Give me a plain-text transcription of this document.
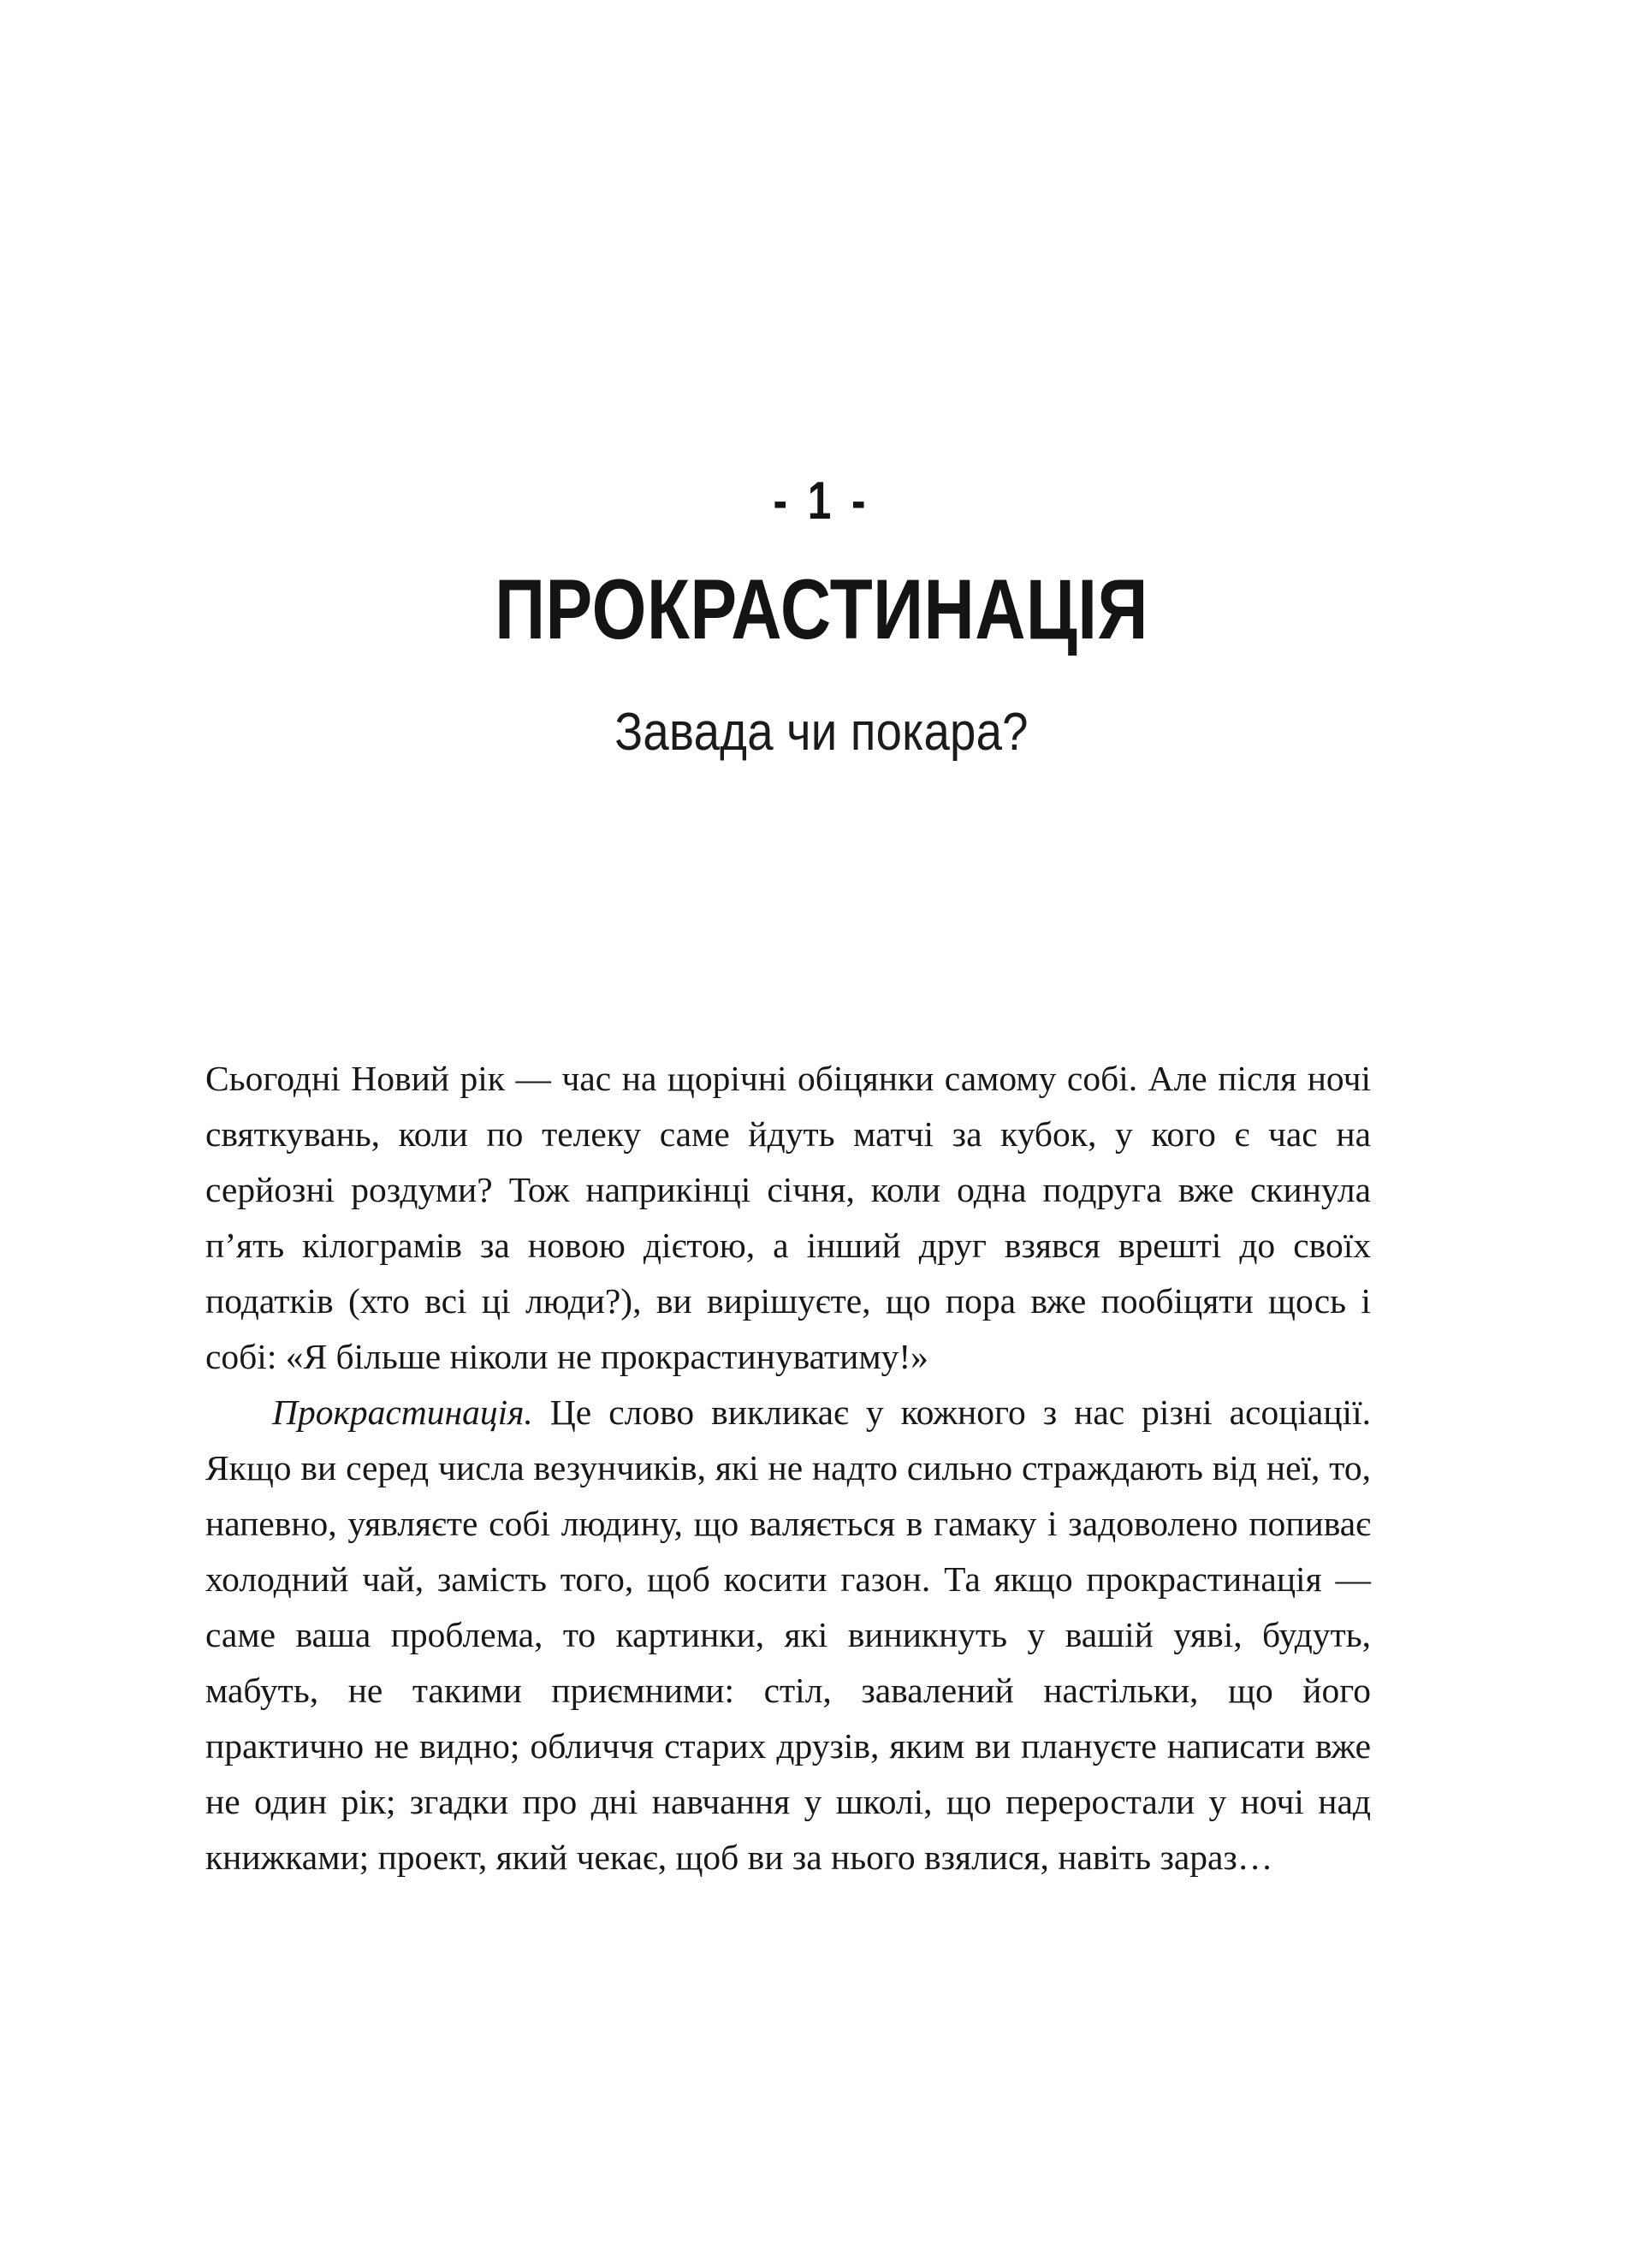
- 1 -
ПРОКРАСТИНАЦІЯ
Завада чи покара?

Сьогодні Новий рік — час на щорічні обіцянки самому собі. Але після ночі святкувань, коли по телеку саме йдуть матчі за кубок, у кого є час на серйозні роздуми? Тож наприкінці січня, коли одна подруга вже скинула п’ять кілограмів за новою дієтою, а інший друг взявся врешті до своїх податків (хто всі ці люди?), ви вирішуєте, що пора вже пообіцяти щось і собі: «Я більше ніколи не прокрастинуватиму!»

Прокрастинація. Це слово викликає у кожного з нас різні асоціації. Якщо ви серед числа везунчиків, які не надто сильно страждають від неї, то, напевно, уявляєте собі людину, що валяється в гамаку і задоволено попиває холодний чай, замість того, щоб косити газон. Та якщо прокрастинація — саме ваша проблема, то картинки, які виникнуть у вашій уяві, будуть, мабуть, не такими приємними: стіл, завалений настільки, що його практично не видно; обличчя старих друзів, яким ви плануєте написати вже не один рік; згадки про дні навчання у школі, що переростали у ночі над книжками; проект, який чекає, щоб ви за нього взялися, навіть зараз…
